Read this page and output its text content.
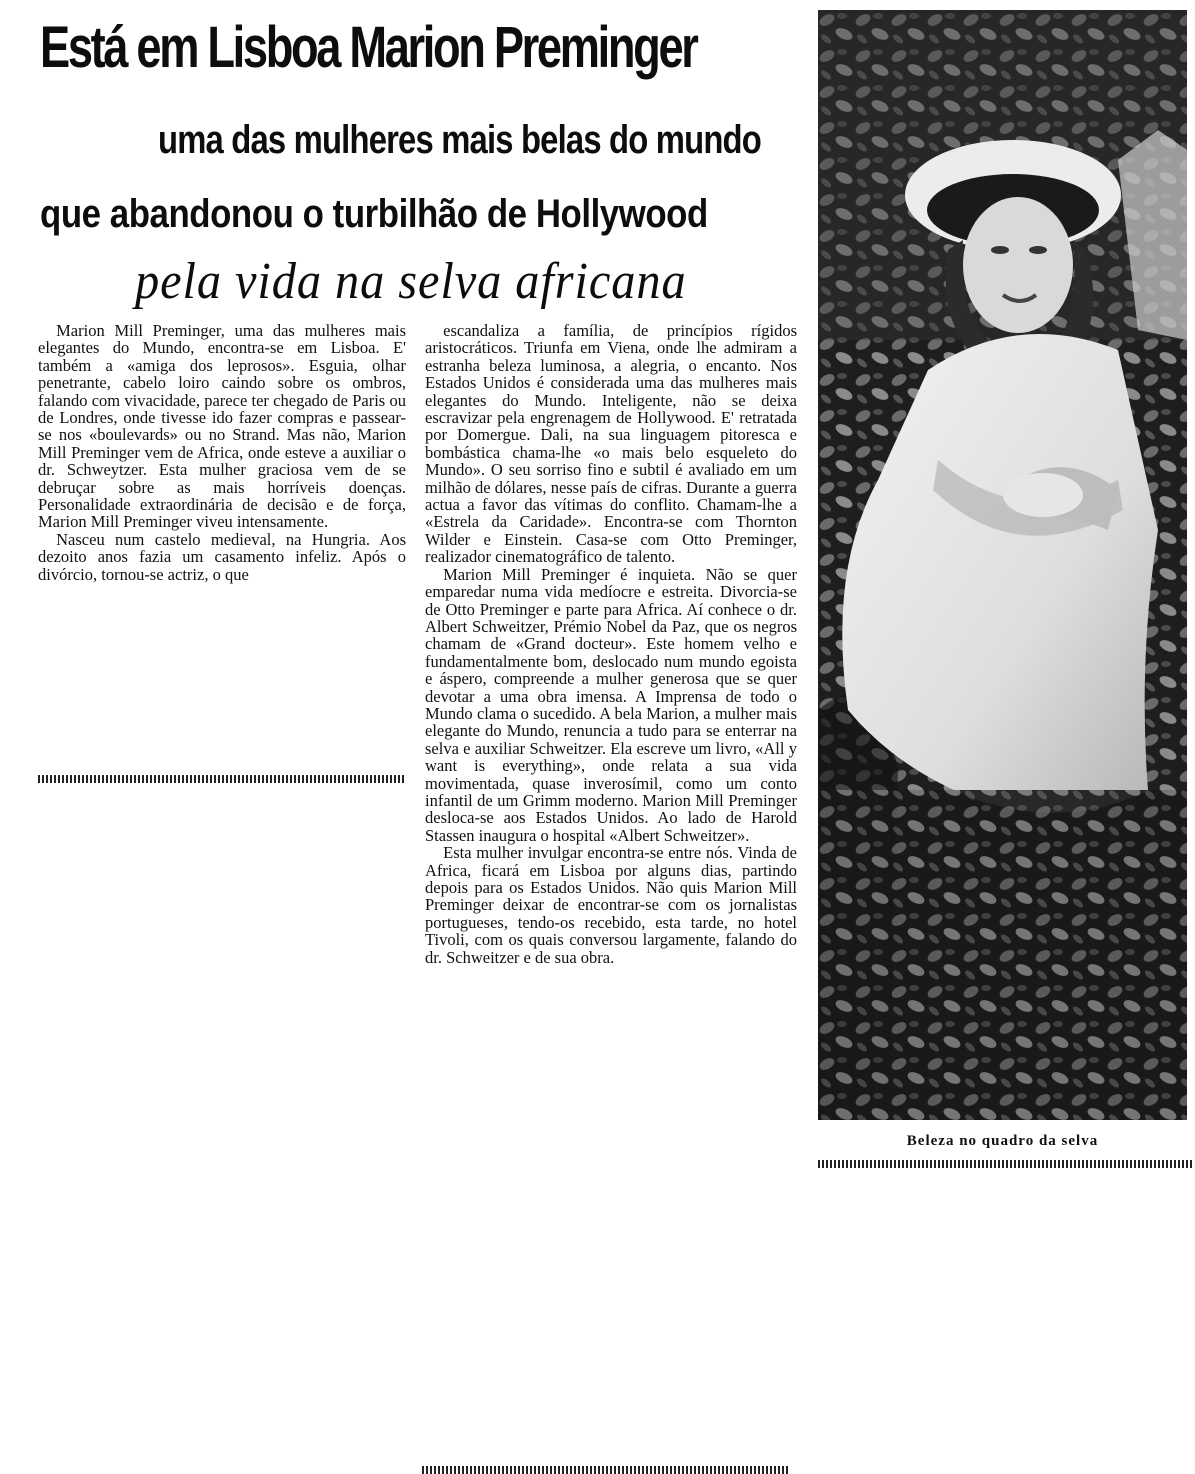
Está em Lisboa Marion Preminger
uma das mulheres mais belas do mundo
que abandonou o turbilhão de Hollywood
pela vida na selva africana

Marion Mill Preminger, uma das mulheres mais elegantes do Mundo, encontra-se em Lisboa. E' também a «amiga dos leprosos». Esguia, olhar penetrante, cabelo loiro caindo sobre os ombros, falando com vivacidade, parece ter chegado de Paris ou de Londres, onde tivesse ido fazer compras e passear-se nos «boulevards» ou no Strand. Mas não, Marion Mill Preminger vem de Africa, onde esteve a auxiliar o dr. Schweytzer. Esta mulher graciosa vem de se debruçar sobre as mais horríveis doenças. Personalidade extraordinária de decisão e de força, Marion Mill Preminger viveu intensamente.

Nasceu num castelo medieval, na Hungria. Aos dezoito anos fazia um casamento infeliz. Após o divórcio, tornou-se actriz, o que

escandaliza a família, de princípios rígidos aristocráticos. Triunfa em Viena, onde lhe admiram a estranha beleza luminosa, a alegria, o encanto. Nos Estados Unidos é considerada uma das mulheres mais elegantes do Mundo. Inteligente, não se deixa escravizar pela engrenagem de Hollywood. E' retratada por Domergue. Dali, na sua linguagem pitoresca e bombástica chama-lhe «o mais belo esqueleto do Mundo». O seu sorriso fino e subtil é avaliado em um milhão de dólares, nesse país de cifras. Durante a guerra actua a favor das vítimas do conflito. Chamam-lhe a «Estrela da Caridade». Encontra-se com Thornton Wilder e Einstein. Casa-se com Otto Preminger, realizador cinematográfico de talento.

Marion Mill Preminger é inquieta. Não se quer emparedar numa vida medíocre e estreita. Divorcia-se de Otto Preminger e parte para Africa. Aí conhece o dr. Albert Schweitzer, Prémio Nobel da Paz, que os negros chamam de «Grand docteur». Este homem velho e fundamentalmente bom, deslocado num mundo egoista e áspero, compreende a mulher generosa que se quer devotar a uma obra imensa. A Imprensa de todo o Mundo clama o sucedido. A bela Marion, a mulher mais elegante do Mundo, renuncia a tudo para se enterrar na selva e auxiliar Schweitzer. Ela escreve um livro, «All y want is everything», onde relata a sua vida movimentada, quase inverosímil, como um conto infantil de um Grimm moderno. Marion Mill Preminger desloca-se aos Estados Unidos. Ao lado de Harold Stassen inaugura o hospital «Albert Schweitzer».

Esta mulher invulgar encontra-se entre nós. Vinda de Africa, ficará em Lisboa por alguns dias, partindo depois para os Estados Unidos. Não quis Marion Mill Preminger deixar de encontrar-se com os jornalistas portugueses, tendo-os recebido, esta tarde, no hotel Tivoli, com os quais conversou largamente, falando do dr. Schweitzer e de sua obra.

Beleza no quadro da selva
